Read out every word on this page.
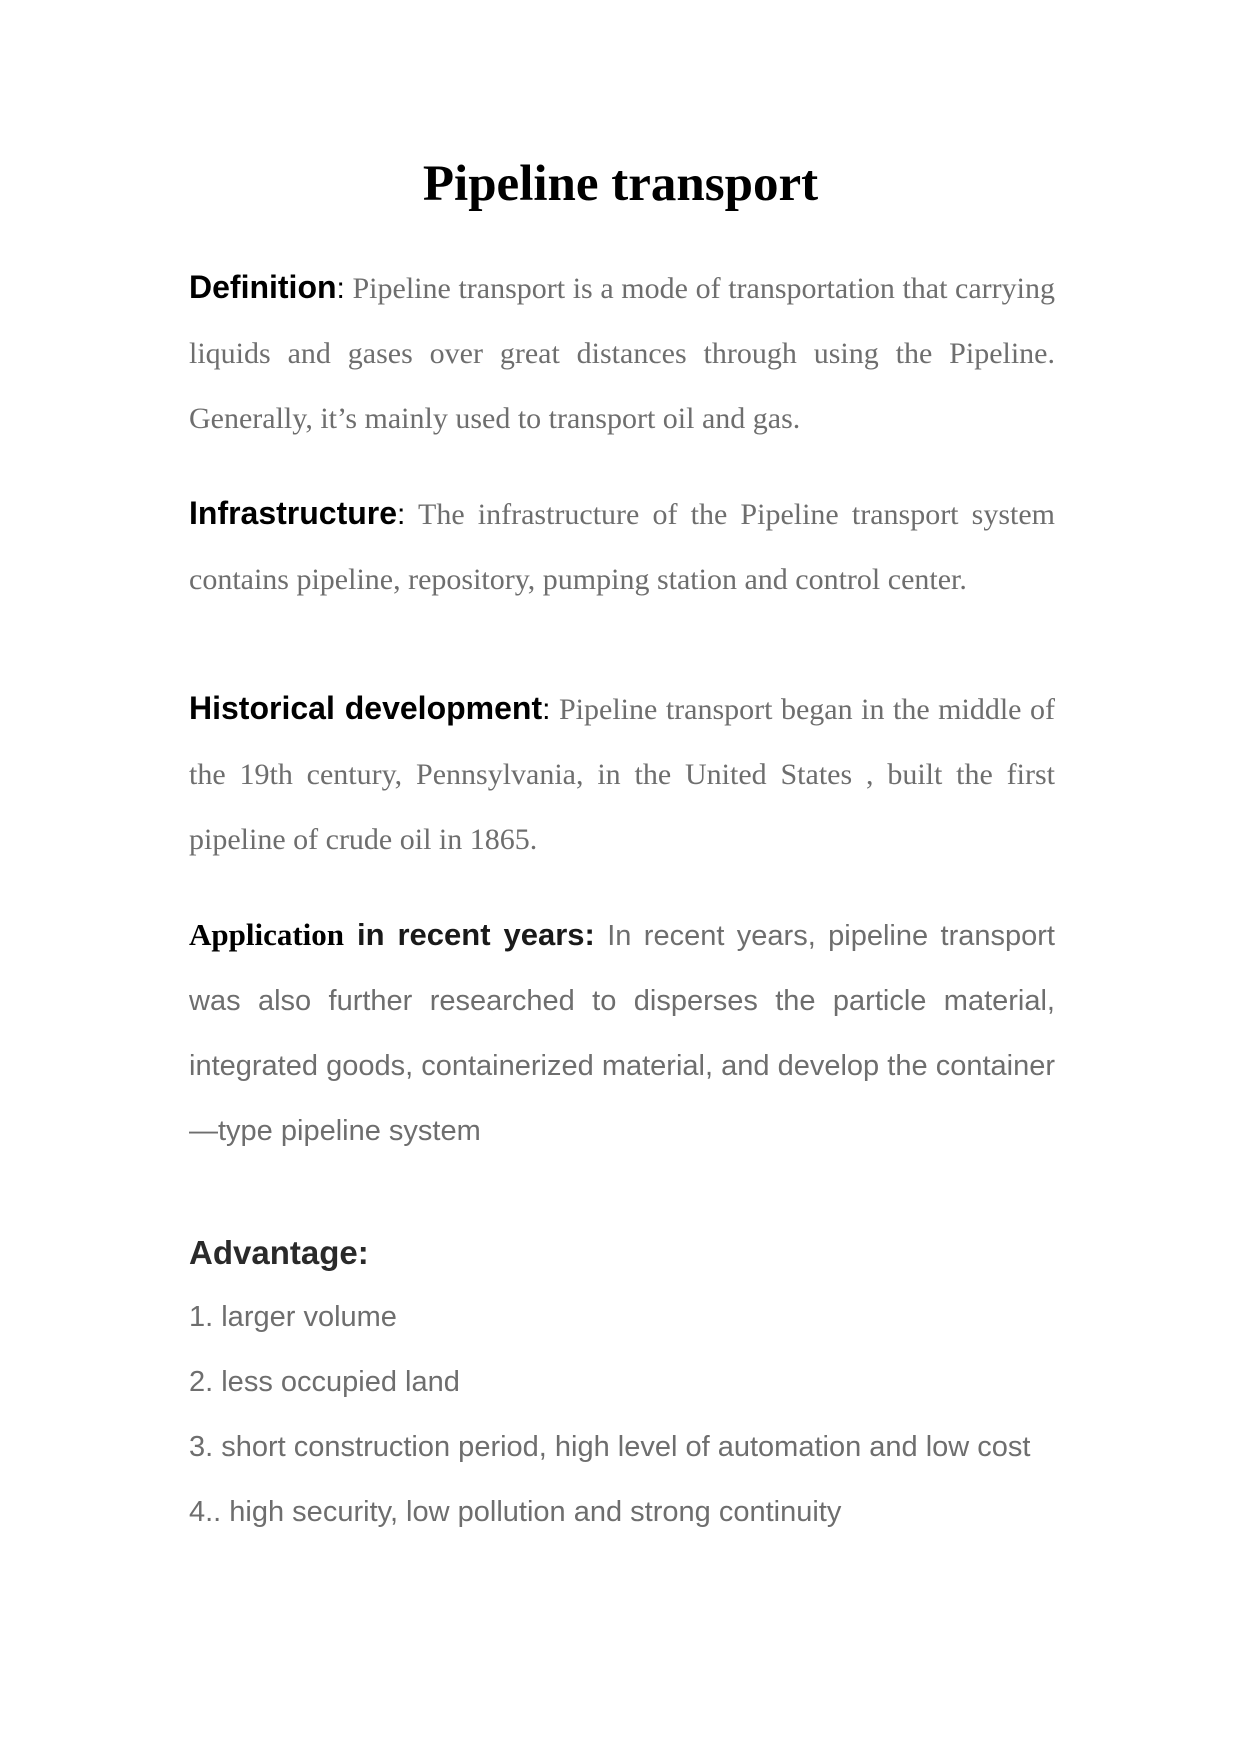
Pipeline transport

Definition: Pipeline transport is a mode of transportation that carrying liquids and gases over great distances through using the Pipeline. Generally, it’s mainly used to transport oil and gas.

Infrastructure: The infrastructure of the Pipeline transport system contains pipeline, repository, pumping station and control center.

Historical development: Pipeline transport began in the middle of the 19th century, Pennsylvania, in the United States , built the first pipeline of crude oil in 1865.

Application in recent years: In recent years, pipeline transport was also further researched to disperses the particle material, integrated goods, containerized material, and develop the container—type pipeline system

Advantage:
1. larger volume
2. less occupied land
3. short construction period, high level of automation and low cost
4.. high security, low pollution and strong continuity
